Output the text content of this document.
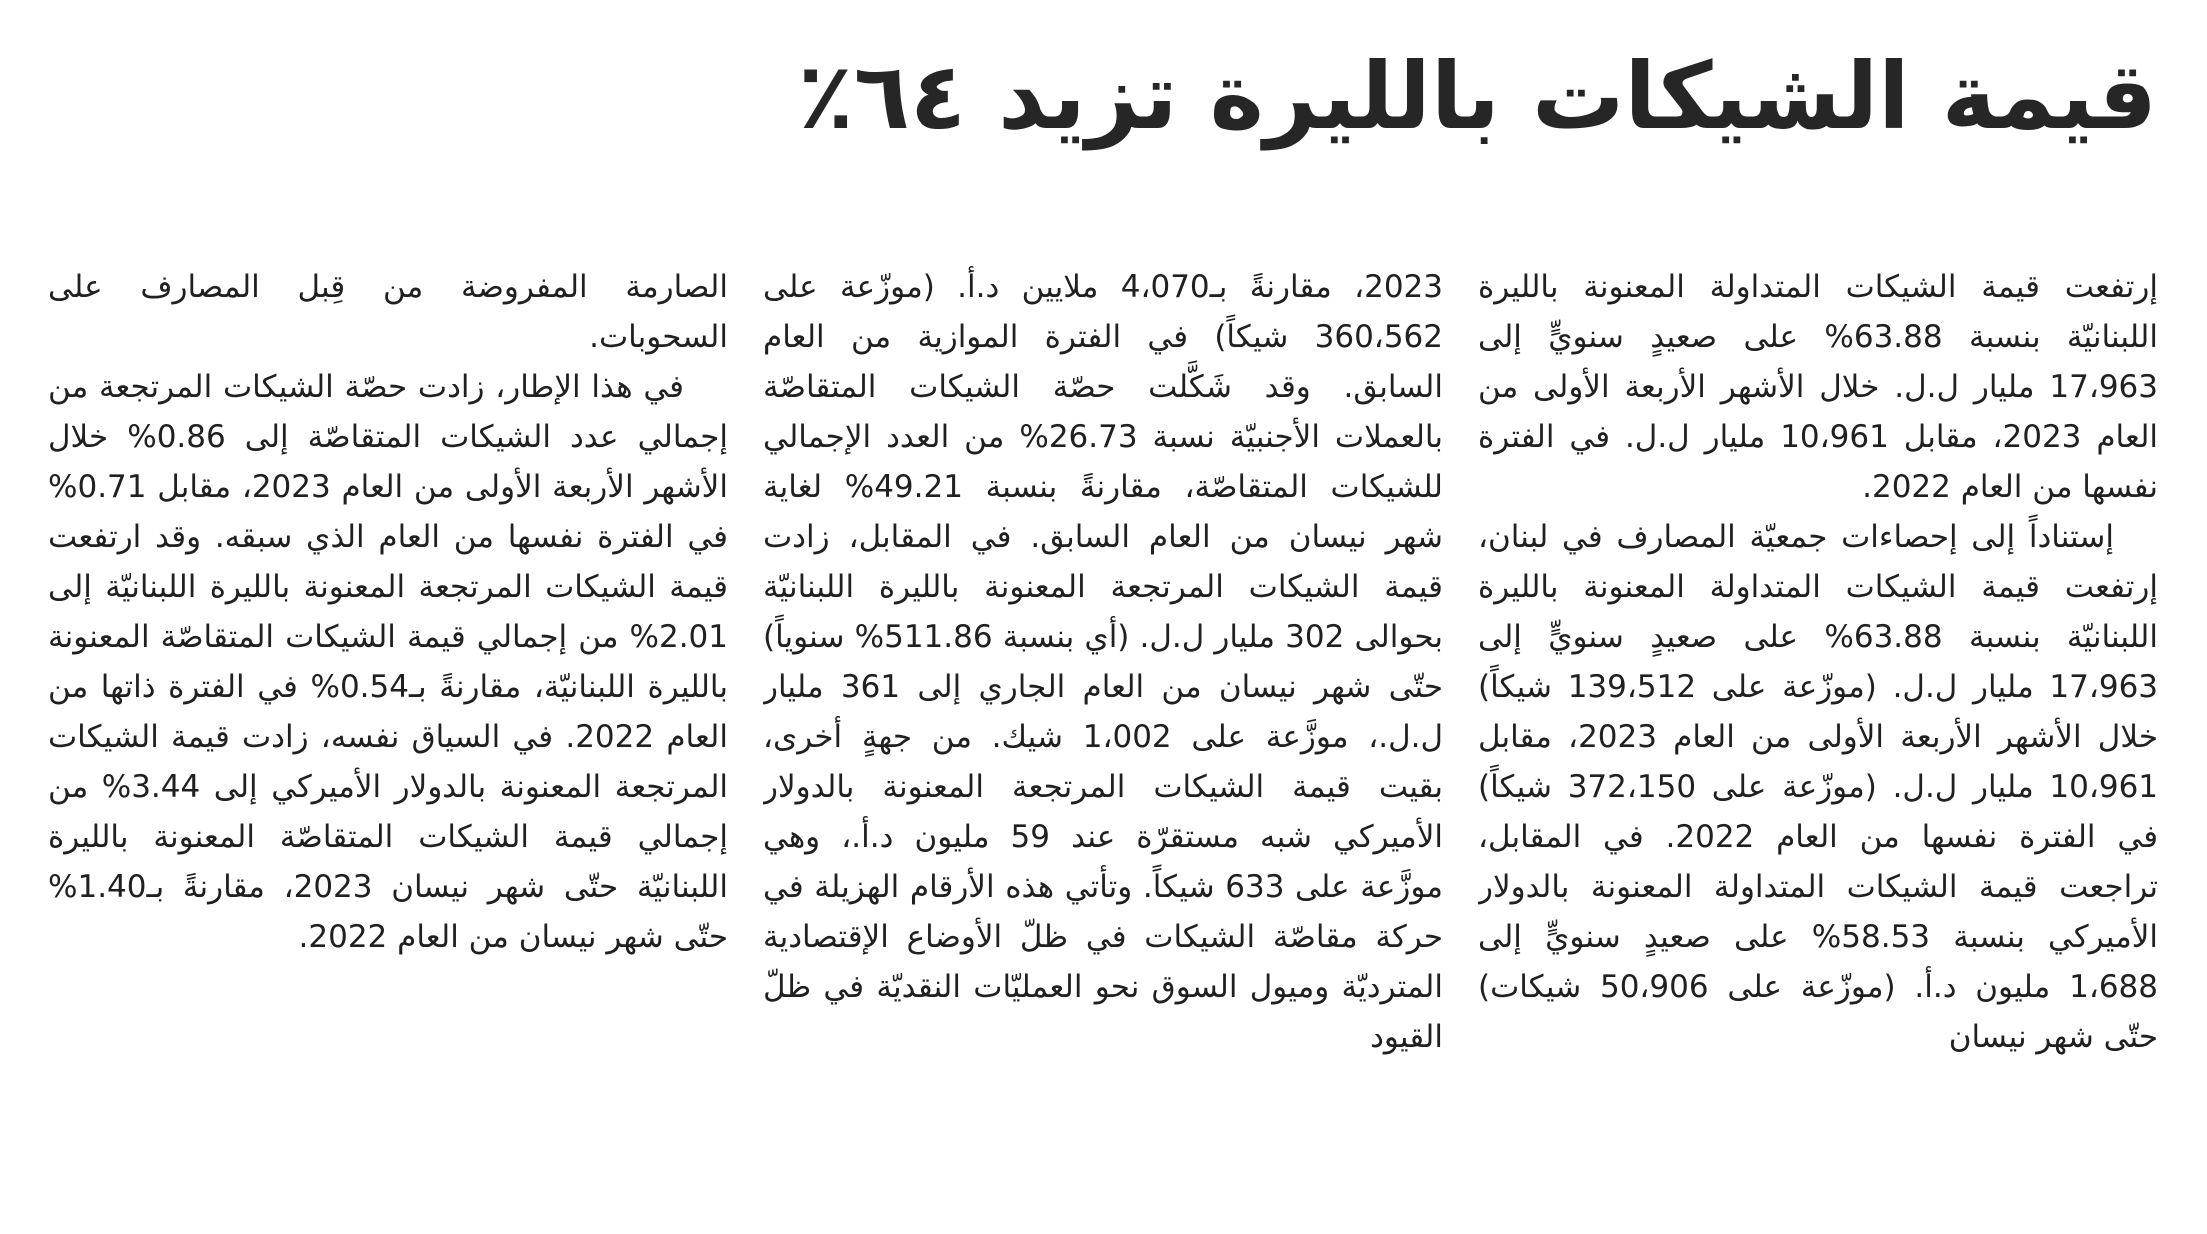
قيمة الشيكات بالليرة تزيد ٦٤٪

إرتفعت قيمة الشيكات المتداولة المعنونة بالليرة اللبنانيّة بنسبة 63.88% على صعيدٍ سنويٍّ إلى 17،963 مليار ل.ل. خلال الأشهر الأربعة الأولى من العام 2023، مقابل 10،961 مليار ل.ل. في الفترة نفسها من العام 2022.

إستناداً إلى إحصاءات جمعيّة المصارف في لبنان، إرتفعت قيمة الشيكات المتداولة المعنونة بالليرة اللبنانيّة بنسبة 63.88% على صعيدٍ سنويٍّ إلى 17،963 مليار ل.ل. (موزّعة على 139،512 شيكاً) خلال الأشهر الأربعة الأولى من العام 2023، مقابل 10،961 مليار ل.ل. (موزّعة على 372،150 شيكاً) في الفترة نفسها من العام 2022. في المقابل، تراجعت قيمة الشيكات المتداولة المعنونة بالدولار الأميركي بنسبة 58.53% على صعيدٍ سنويٍّ إلى 1،688 مليون د.أ. (موزّعة على 50،906 شيكات) حتّى شهر نيسان

2023، مقارنةً بـ4،070 ملايين د.أ. (موزّعة على 360،562 شيكاً) في الفترة الموازية من العام السابق. وقد شَكَّلت حصّة الشيكات المتقاصّة بالعملات الأجنبيّة نسبة 26.73% من العدد الإجمالي للشيكات المتقاصّة، مقارنةً بنسبة 49.21% لغاية شهر نيسان من العام السابق. في المقابل، زادت قيمة الشيكات المرتجعة المعنونة بالليرة اللبنانيّة بحوالى 302 مليار ل.ل. (أي بنسبة 511.86% سنوياً) حتّى شهر نيسان من العام الجاري إلى 361 مليار ل.ل.، موزَّعة على 1،002 شيك. من جهةٍ أخرى، بقيت قيمة الشيكات المرتجعة المعنونة بالدولار الأميركي شبه مستقرّة عند 59 مليون د.أ.، وهي موزَّعة على 633 شيكاً. وتأتي هذه الأرقام الهزيلة في حركة مقاصّة الشيكات في ظلّ الأوضاع الإقتصادية المترديّة وميول السوق نحو العمليّات النقديّة في ظلّ القيود

الصارمة المفروضة من قِبل المصارف على السحوبات.

في هذا الإطار، زادت حصّة الشيكات المرتجعة من إجمالي عدد الشيكات المتقاصّة إلى 0.86% خلال الأشهر الأربعة الأولى من العام 2023، مقابل 0.71% في الفترة نفسها من العام الذي سبقه. وقد ارتفعت قيمة الشيكات المرتجعة المعنونة بالليرة اللبنانيّة إلى 2.01% من إجمالي قيمة الشيكات المتقاصّة المعنونة بالليرة اللبنانيّة، مقارنةً بـ0.54% في الفترة ذاتها من العام 2022. في السياق نفسه، زادت قيمة الشيكات المرتجعة المعنونة بالدولار الأميركي إلى 3.44% من إجمالي قيمة الشيكات المتقاصّة المعنونة بالليرة اللبنانيّة حتّى شهر نيسان 2023، مقارنةً بـ1.40% حتّى شهر نيسان من العام 2022.
